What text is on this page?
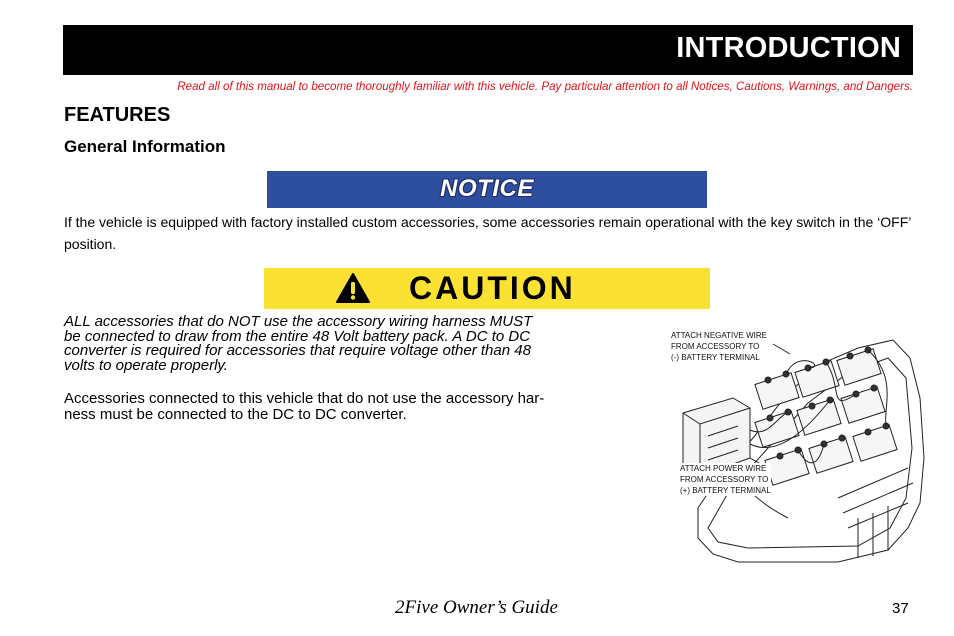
INTRODUCTION
Read all of this manual to become thoroughly familiar with this vehicle. Pay particular attention to all Notices, Cautions, Warnings, and Dangers.
FEATURES
General Information
NOTICE
If the vehicle is equipped with factory installed custom accessories, some accessories remain operational with the key switch in the ‘OFF’ position.
CAUTION
ALL accessories that do NOT use the accessory wiring harness MUST
be connected to draw from the entire 48 Volt battery pack. A DC to DC
converter is required for accessories that require voltage other than 48
volts to operate properly.
Accessories connected to this vehicle that do not use the accessory har-
ness must be connected to the DC to DC converter.
ATTACH NEGATIVE WIRE
FROM ACCESSORY TO
(-) BATTERY TERMINAL
ATTACH POWER WIRE
FROM ACCESSORY TO
(+) BATTERY TERMINAL
2Five Owner’s Guide	37
